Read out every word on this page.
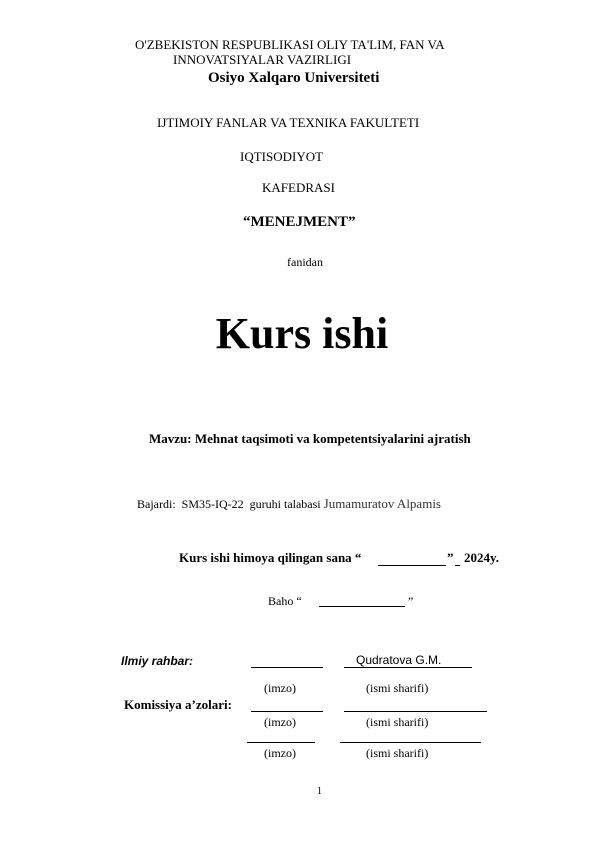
O'ZBEKISTON RESPUBLIKASI OLIY TA'LIM, FAN VA
INNOVATSIYALAR VAZIRLIGI
Osiyo Xalqaro Universiteti
IJTIMOIY FANLAR VA TEXNIKA FAKULTETI
IQTISODIYOT
KAFEDRASI
“MENEJMENT”
fanidan
Kurs ishi
Mavzu: Mehnat taqsimoti va kompetentsiyalarini ajratish
Bajardi: SM35-IQ-22 guruhi talabasi Jumamuratov Alpamis
Kurs ishi himoya qilingan sana “	” 2024y.
Baho “	”
Ilmiy rahbar:	Qudratova G.M.
(imzo)	(ismi sharifi)
Komissiya a’zolari:
(imzo)	(ismi sharifi)
(imzo)	(ismi sharifi)
1
